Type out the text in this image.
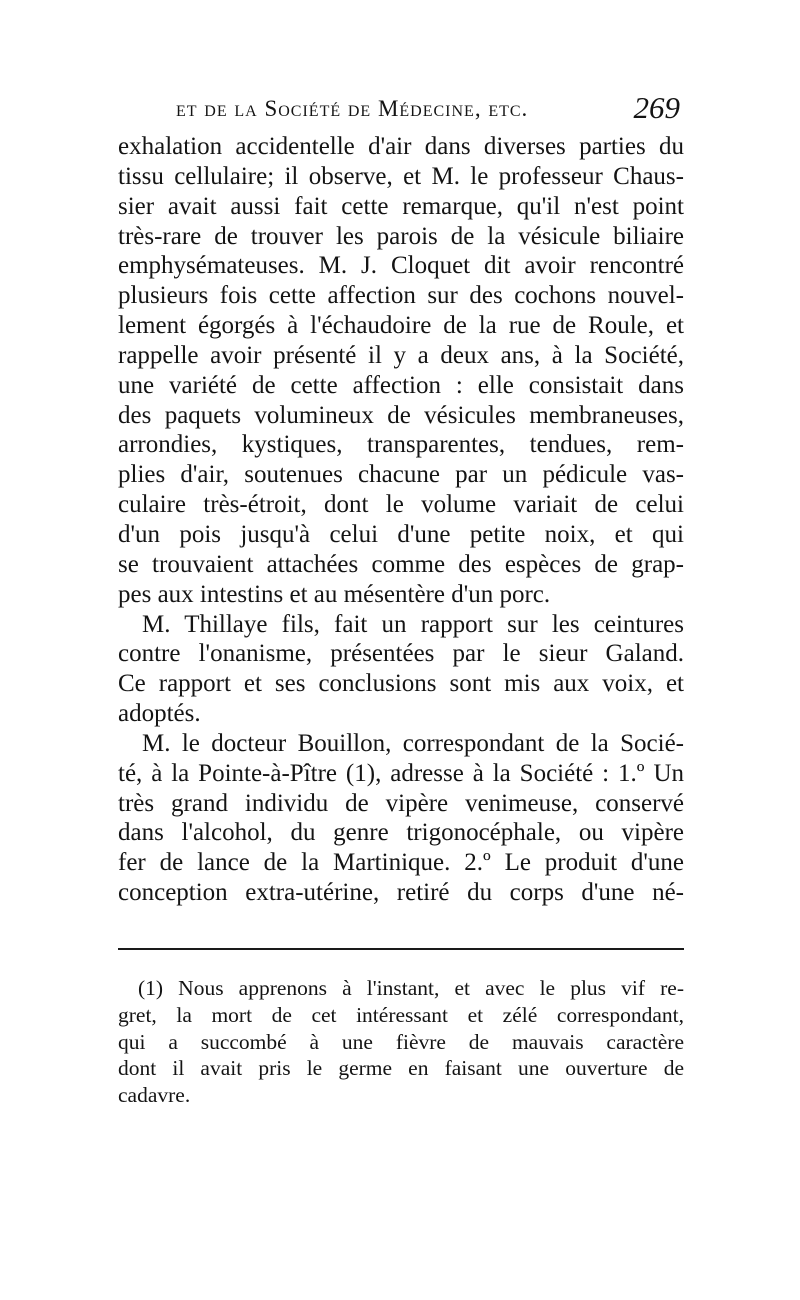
et de la Société de Médecine, etc.	269
exhalation accidentelle d'air dans diverses parties du
tissu cellulaire; il observe, et M. le professeur Chaus-
sier avait aussi fait cette remarque, qu'il n'est point
très-rare de trouver les parois de la vésicule biliaire
emphysémateuses. M. J. Cloquet dit avoir rencontré
plusieurs fois cette affection sur des cochons nouvel-
lement égorgés à l'échaudoire de la rue de Roule, et
rappelle avoir présenté il y a deux ans, à la Société,
une variété de cette affection : elle consistait dans
des paquets volumineux de vésicules membraneuses,
arrondies, kystiques, transparentes, tendues, rem-
plies d'air, soutenues chacune par un pédicule vas-
culaire très-étroit, dont le volume variait de celui
d'un pois jusqu'à celui d'une petite noix, et qui
se trouvaient attachées comme des espèces de grap-
pes aux intestins et au mésentère d'un porc.
M. Thillaye fils, fait un rapport sur les ceintures
contre l'onanisme, présentées par le sieur Galand.
Ce rapport et ses conclusions sont mis aux voix, et
adoptés.
M. le docteur Bouillon, correspondant de la Socié-
té, à la Pointe-à-Pître (1), adresse à la Société : 1.º Un
très grand individu de vipère venimeuse, conservé
dans l'alcohol, du genre trigonocéphale, ou vipère
fer de lance de la Martinique. 2.º Le produit d'une
conception extra-utérine, retiré du corps d'une né-
(1) Nous apprenons à l'instant, et avec le plus vif re-
gret, la mort de cet intéressant et zélé correspondant,
qui a succombé à une fièvre de mauvais caractère
dont il avait pris le germe en faisant une ouverture de
cadavre.
